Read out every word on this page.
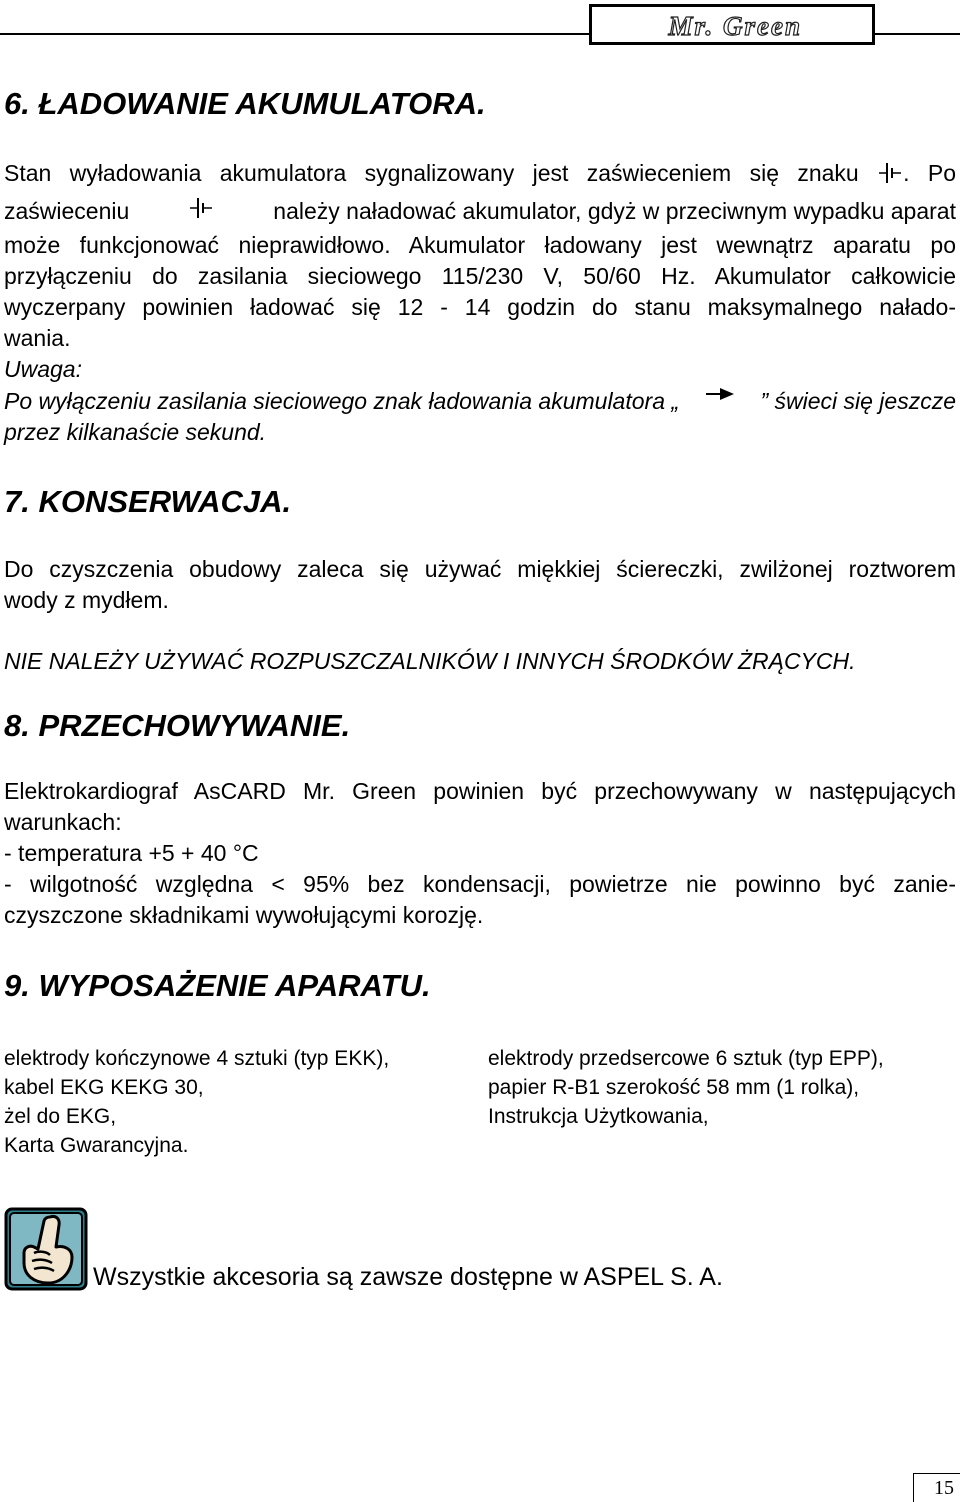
Mr. Green
6. ŁADOWANIE AKUMULATORA.
Stan wyładowania akumulatora sygnalizowany jest zaświeceniem się znaku . Po
zaświeceniu	należy naładować akumulator, gdyż w przeciwnym wypadku aparat
może funkcjonować nieprawidłowo. Akumulator ładowany jest wewnątrz aparatu po
przyłączeniu do zasilania sieciowego 115/230 V, 50/60 Hz. Akumulator całkowicie
wyczerpany powinien ładować się 12 - 14 godzin do stanu maksymalnego nałado-
wania.
Uwaga:
Po wyłączeniu zasilania sieciowego znak ładowania akumulatora „	” świeci się jeszcze
przez kilkanaście sekund.
7. KONSERWACJA.
Do czyszczenia obudowy zaleca się używać miękkiej ściereczki, zwilżonej roztworem
wody z mydłem.
NIE NALEŻY UŻYWAĆ ROZPUSZCZALNIKÓW I INNYCH ŚRODKÓW ŻRĄCYCH.
8. PRZECHOWYWANIE.
Elektrokardiograf AsCARD Mr. Green powinien być przechowywany w następujących
warunkach:
- temperatura +5 + 40 °C
- wilgotność względna < 95% bez kondensacji, powietrze nie powinno być zanie-
czyszczone składnikami wywołującymi korozję.
9. WYPOSAŻENIE APARATU.
elektrody kończynowe 4 sztuki (typ EKK),
kabel EKG KEKG 30,
żel do EKG,
Karta Gwarancyjna.
elektrody przedsercowe 6 sztuk (typ EPP),
papier R-B1 szerokość 58 mm (1 rolka),
Instrukcja Użytkowania,
Wszystkie akcesoria są zawsze dostępne w ASPEL S. A.
15
